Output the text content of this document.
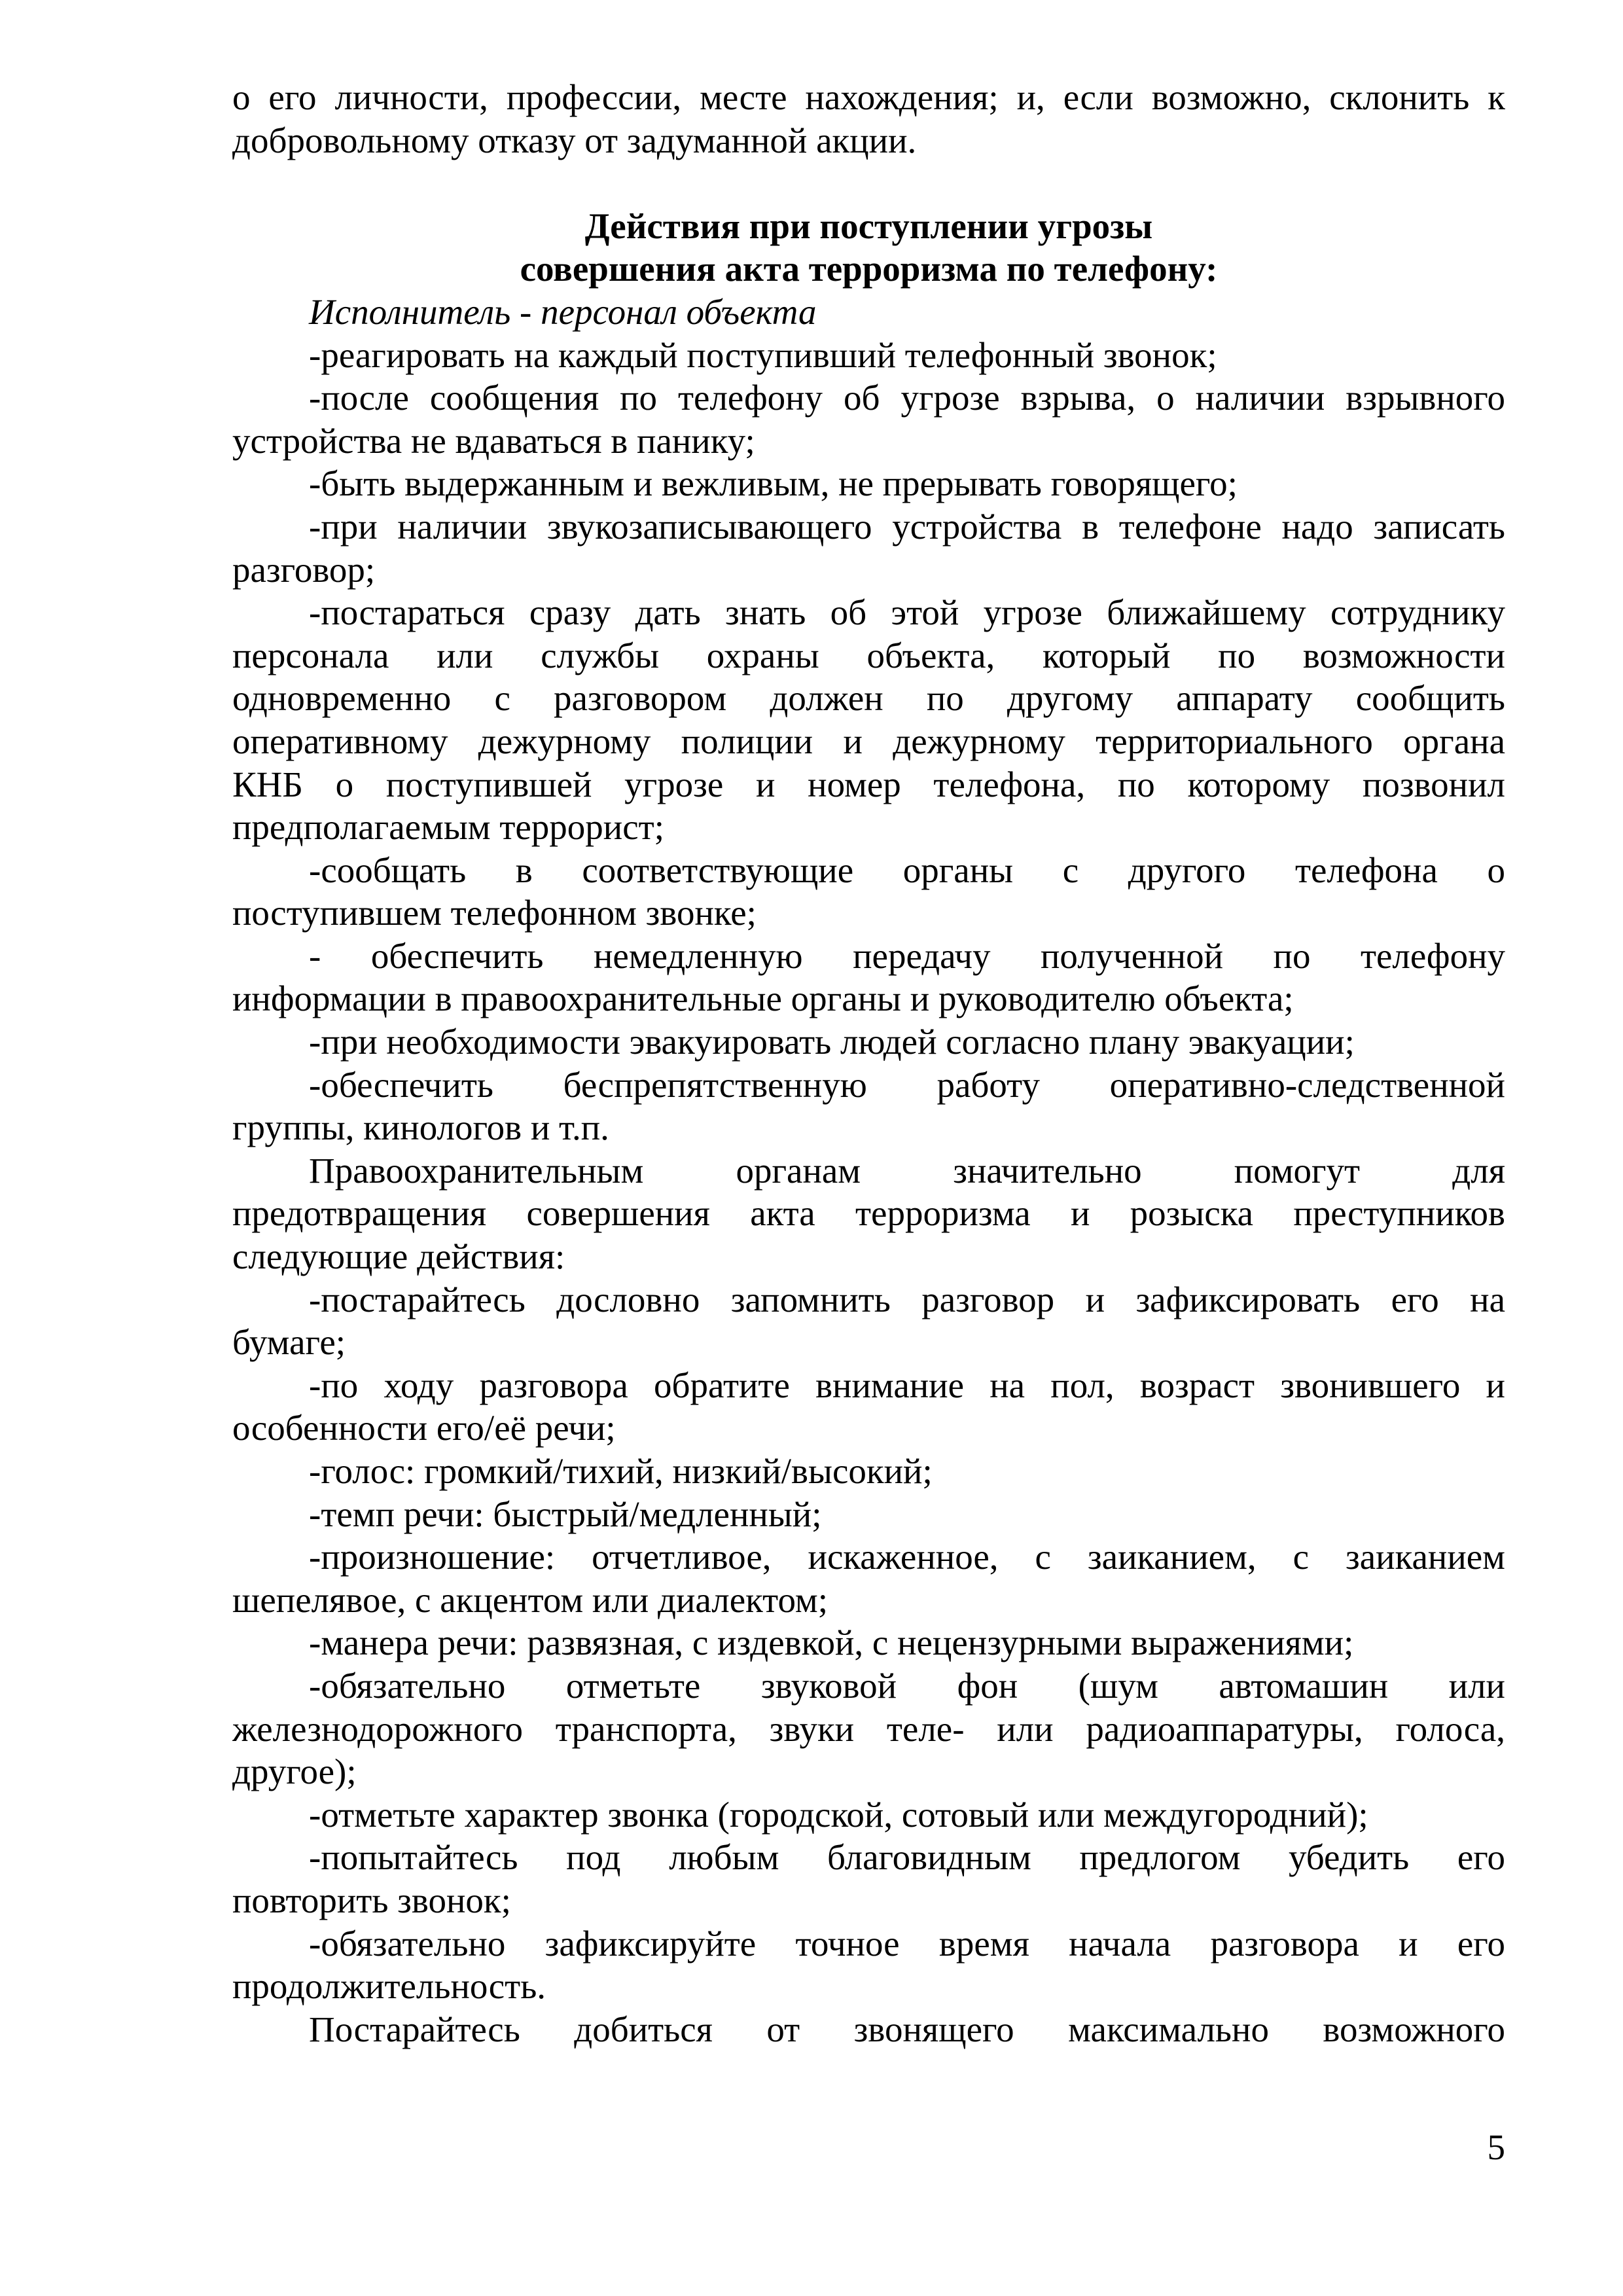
о его личности, профессии, месте нахождения; и, если возможно, склонить к
добровольному отказу от задуманной акции.
Действия при поступлении угрозы
совершения акта терроризма по телефону:
Исполнитель - персонал объекта
-реагировать на каждый поступивший телефонный звонок;
-после сообщения по телефону об угрозе взрыва, о наличии взрывного
устройства не вдаваться в панику;
-быть выдержанным и вежливым, не прерывать говорящего;
-при наличии звукозаписывающего устройства в телефоне надо записать
разговор;
-постараться сразу дать знать об этой угрозе ближайшему сотруднику
персонала или службы охраны объекта, который по возможности
одновременно с разговором должен по другому аппарату сообщить
оперативному дежурному полиции и дежурному территориального органа
КНБ о поступившей угрозе и номер телефона, по которому позвонил
предполагаемым террорист;
-сообщать в соответствующие органы с другого телефона о
поступившем телефонном звонке;
- обеспечить немедленную передачу полученной по телефону
информации в правоохранительные органы и руководителю объекта;
-при необходимости эвакуировать людей согласно плану эвакуации;
-обеспечить беспрепятственную работу оперативно-следственной
группы, кинологов и т.п.
Правоохранительным органам значительно помогут для
предотвращения совершения акта терроризма и розыска преступников
следующие действия:
-постарайтесь дословно запомнить разговор и зафиксировать его на
бумаге;
-по ходу разговора обратите внимание на пол, возраст звонившего и
особенности его/её речи;
-голос: громкий/тихий, низкий/высокий;
-темп речи: быстрый/медленный;
-произношение: отчетливое, искаженное, с заиканием, с заиканием
шепелявое, с акцентом или диалектом;
-манера речи: развязная, с издевкой, с нецензурными выражениями;
-обязательно отметьте звуковой фон (шум автомашин или
железнодорожного транспорта, звуки теле- или радиоаппаратуры, голоса,
другое);
-отметьте характер звонка (городской, сотовый или междугородний);
-попытайтесь под любым благовидным предлогом убедить его
повторить звонок;
-обязательно зафиксируйте точное время начала разговора и его
продолжительность.
Постарайтесь добиться от звонящего максимально возможного
5
